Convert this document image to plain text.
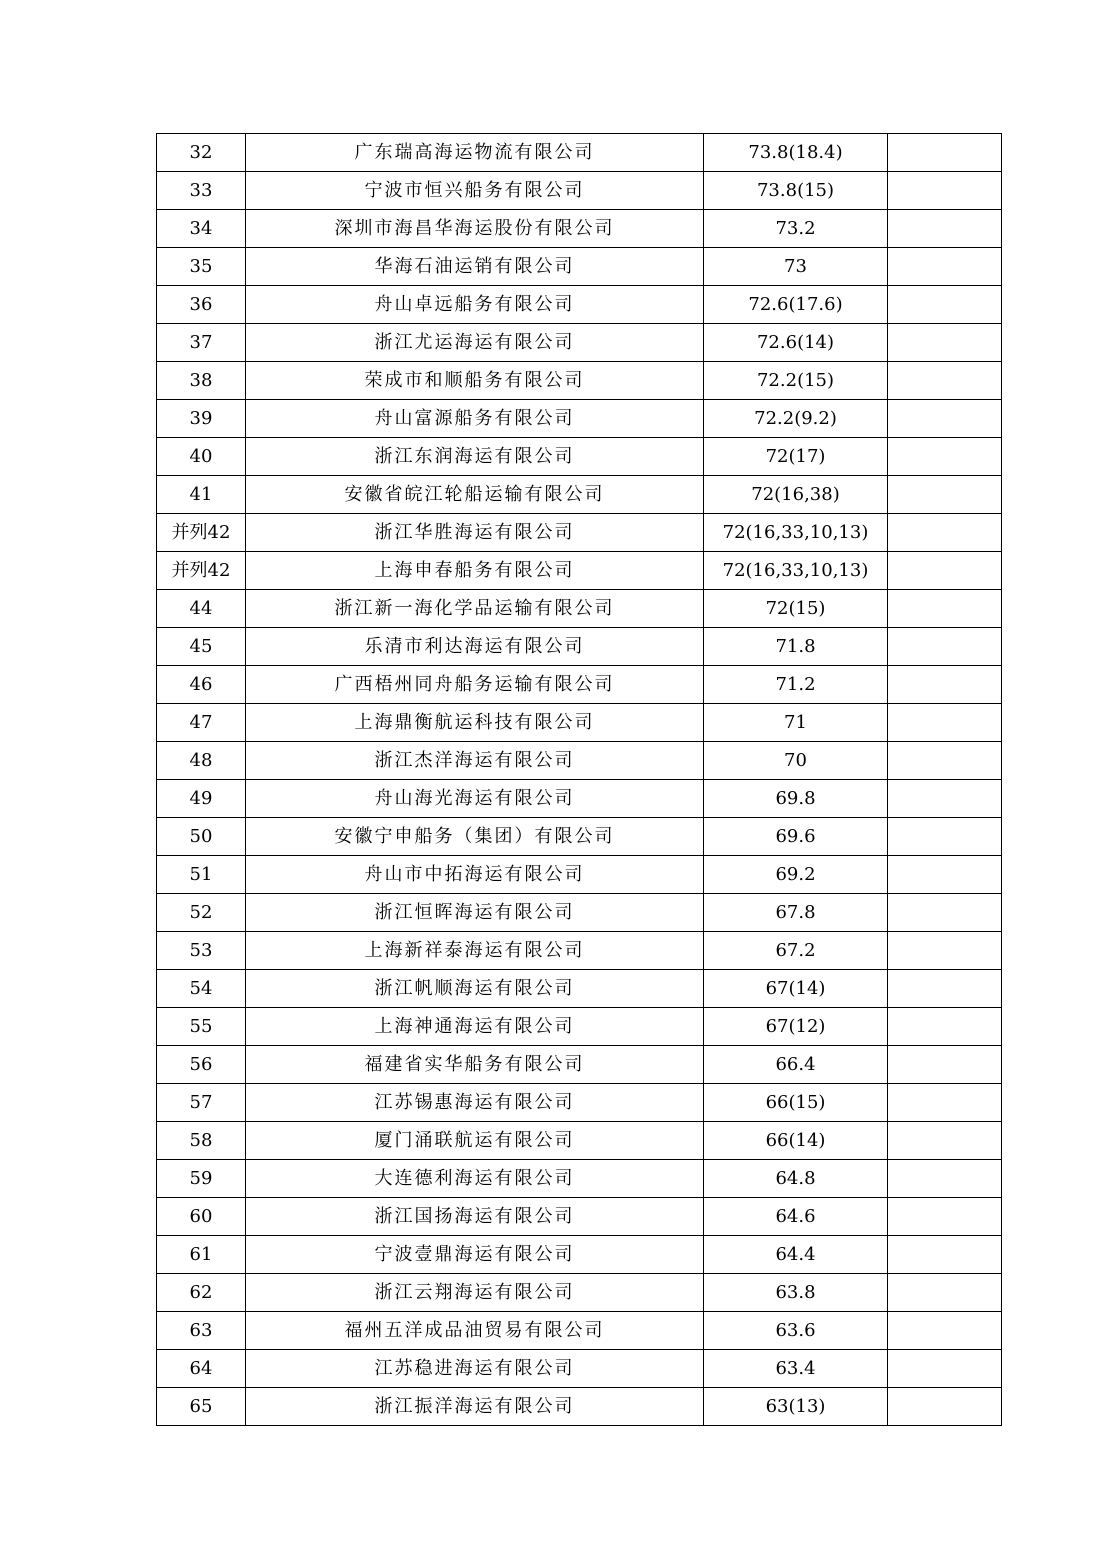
32	广东瑞高海运物流有限公司	73.8(18.4)	
33	宁波市恒兴船务有限公司	73.8(15)	
34	深圳市海昌华海运股份有限公司	73.2	
35	华海石油运销有限公司	73	
36	舟山卓远船务有限公司	72.6(17.6)	
37	浙江尤运海运有限公司	72.6(14)	
38	荣成市和顺船务有限公司	72.2(15)	
39	舟山富源船务有限公司	72.2(9.2)	
40	浙江东润海运有限公司	72(17)	
41	安徽省皖江轮船运输有限公司	72(16,38)	
并列42	浙江华胜海运有限公司	72(16,33,10,13)	
并列42	上海申春船务有限公司	72(16,33,10,13)	
44	浙江新一海化学品运输有限公司	72(15)	
45	乐清市利达海运有限公司	71.8	
46	广西梧州同舟船务运输有限公司	71.2	
47	上海鼎衡航运科技有限公司	71	
48	浙江杰洋海运有限公司	70	
49	舟山海光海运有限公司	69.8	
50	安徽宁申船务（集团）有限公司	69.6	
51	舟山市中拓海运有限公司	69.2	
52	浙江恒晖海运有限公司	67.8	
53	上海新祥泰海运有限公司	67.2	
54	浙江帆顺海运有限公司	67(14)	
55	上海神通海运有限公司	67(12)	
56	福建省实华船务有限公司	66.4	
57	江苏锡惠海运有限公司	66(15)	
58	厦门涌联航运有限公司	66(14)	
59	大连德利海运有限公司	64.8	
60	浙江国扬海运有限公司	64.6	
61	宁波壹鼎海运有限公司	64.4	
62	浙江云翔海运有限公司	63.8	
63	福州五洋成品油贸易有限公司	63.6	
64	江苏稳进海运有限公司	63.4	
65	浙江振洋海运有限公司	63(13)	
